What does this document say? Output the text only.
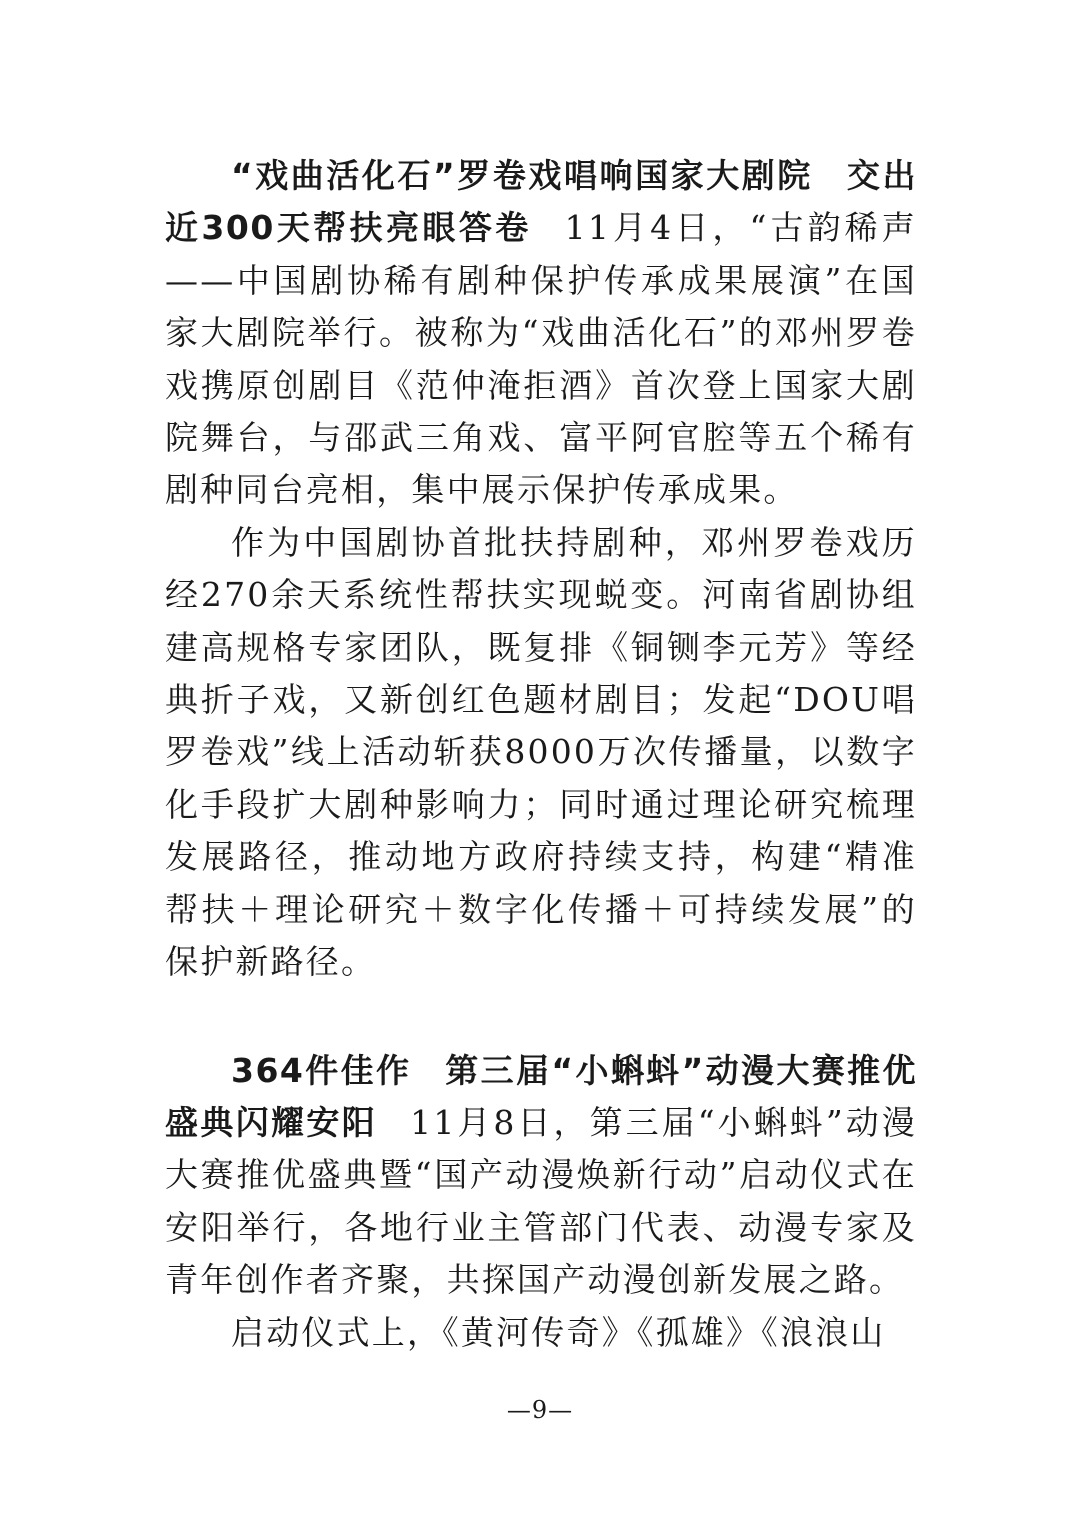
“戏曲活化石”罗卷戏唱响国家大剧院 交出近300天帮扶亮眼答卷 11月4日，“古韵稀声——中国剧协稀有剧种保护传承成果展演”在国家大剧院举行。被称为“戏曲活化石”的邓州罗卷戏携原创剧目《范仲淹拒酒》首次登上国家大剧院舞台，与邵武三角戏、富平阿官腔等五个稀有剧种同台亮相，集中展示保护传承成果。

作为中国剧协首批扶持剧种，邓州罗卷戏历经270余天系统性帮扶实现蜕变。河南省剧协组建高规格专家团队，既复排《铜铡李元芳》等经典折子戏，又新创红色题材剧目；发起“DOU唱罗卷戏”线上活动斩获8000万次传播量，以数字化手段扩大剧种影响力；同时通过理论研究梳理发展路径，推动地方政府持续支持，构建“精准帮扶＋理论研究＋数字化传播＋可持续发展”的保护新路径。

364件佳作 第三届“小蝌蚪”动漫大赛推优盛典闪耀安阳 11月8日，第三届“小蝌蚪”动漫大赛推优盛典暨“国产动漫焕新行动”启动仪式在安阳举行，各地行业主管部门代表、动漫专家及青年创作者齐聚，共探国产动漫创新发展之路。

启动仪式上，《黄河传奇》《孤雄》《浪浪山

—9—
